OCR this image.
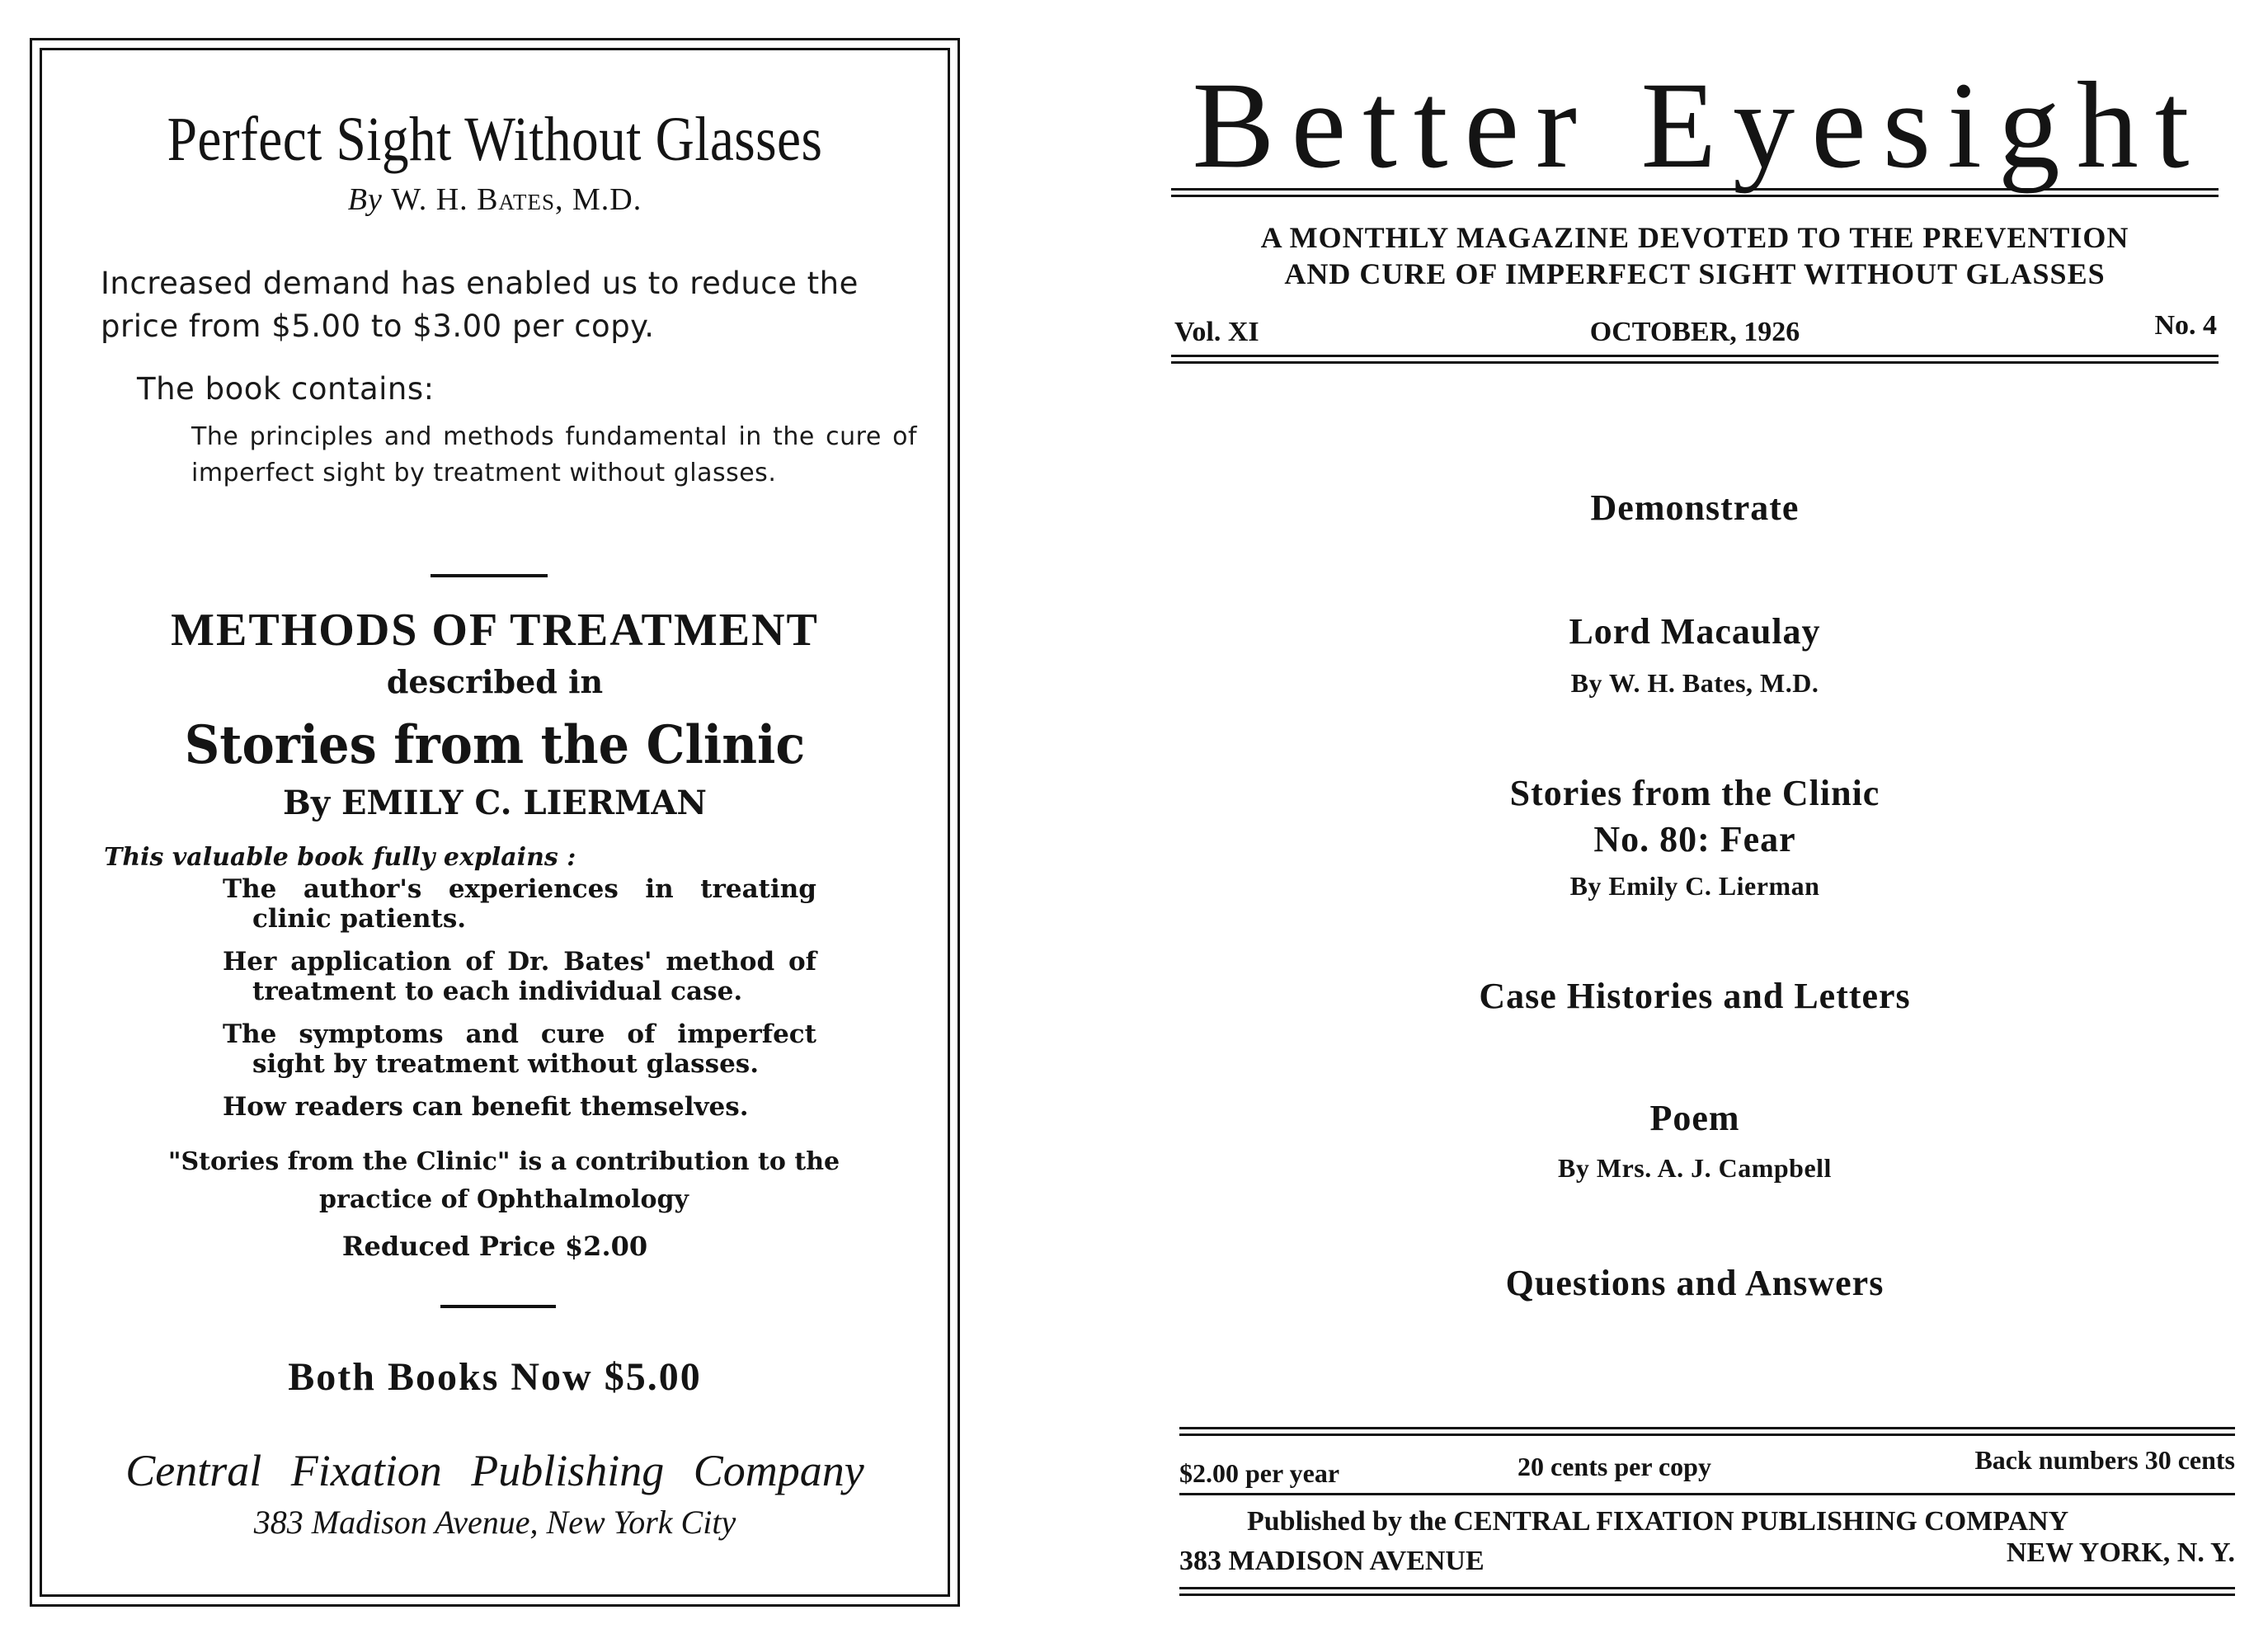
Perfect Sight Without Glasses
By W. H. Bates, M.D.
Increased demand has enabled us to reduce the price from $5.00 to $3.00 per copy.
The book contains:
The principles and methods fundamental in the cure of imperfect sight by treatment without glasses.
METHODS OF TREATMENT
described in
Stories from the Clinic
By EMILY C. LIERMAN
This valuable book fully explains :

The author's experiences in treating clinic patients.

Her application of Dr. Bates' method of treatment to each individual case.

The symptoms and cure of imperfect sight by treatment without glasses.

How readers can benefit themselves.

"Stories from the Clinic" is a contribution to the practice of Ophthalmology
Reduced Price $2.00
Both Books Now $5.00
Central Fixation Publishing Company
383 Madison Avenue, New York City
Better Eyesight
A MONTHLY MAGAZINE DEVOTED TO THE PREVENTION
AND CURE OF IMPERFECT SIGHT WITHOUT GLASSES
Vol. XI	OCTOBER, 1926	No. 4
Demonstrate
Lord Macaulay
By W. H. Bates, M.D.
Stories from the Clinic
No. 80: Fear
By Emily C. Lierman
Case Histories and Letters
Poem
By Mrs. A. J. Campbell
Questions and Answers
$2.00 per year	20 cents per copy	Back numbers 30 cents
Published by the CENTRAL FIXATION PUBLISHING COMPANY
383 MADISON AVENUE	NEW YORK, N. Y.
